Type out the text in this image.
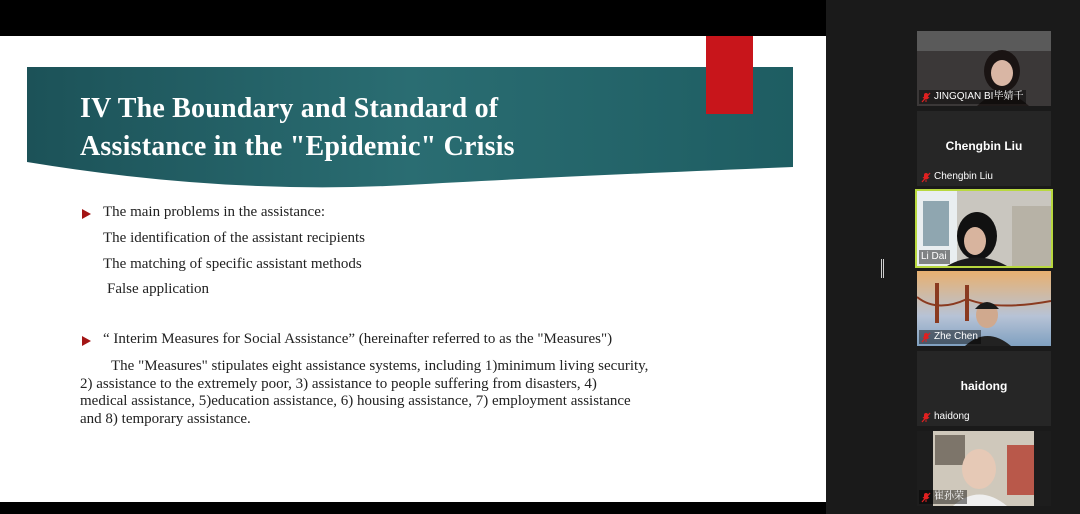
IV The Boundary and Standard of
Assistance in the "Epidemic" Crisis

The main problems in the assistance:

The identification of the assistant recipients

The matching of specific assistant methods

False application

“ Interim Measures for Social Assistance” (hereinafter referred to as the "Measures")

The "Measures" stipulates eight assistance systems, including 1)minimum living security,
2) assistance to the extremely poor, 3) assistance to people suffering from disasters, 4)
medical assistance, 5)education assistance, 6) housing assistance, 7) employment assistance
and 8) temporary assistance.
JINGQIAN BI毕婧千
Chengbin Liu
Chengbin Liu
Li Dai
Zhe Chen
haidong
haidong
崔孙荣
